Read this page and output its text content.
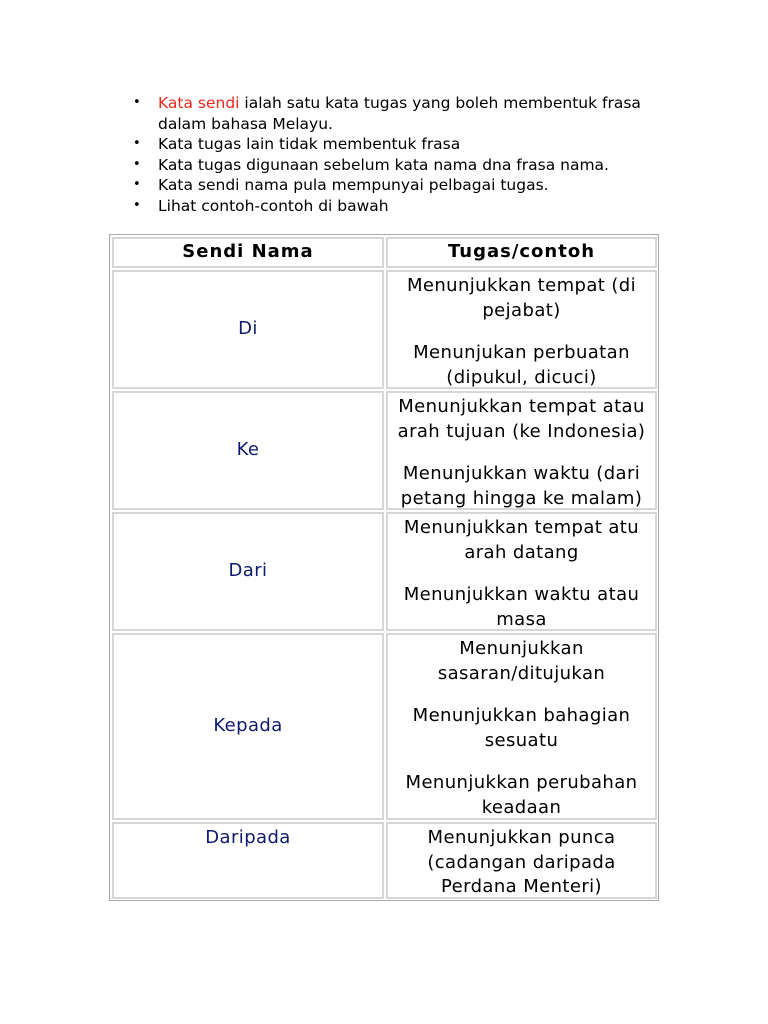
• Kata sendi ialah satu kata tugas yang boleh membentuk frasa dalam bahasa Melayu.
• Kata tugas lain tidak membentuk frasa
• Kata tugas digunaan sebelum kata nama dna frasa nama.
• Kata sendi nama pula mempunyai pelbagai tugas.
• Lihat contoh-contoh di bawah
Sendi Nama	Tugas/contoh
Di
Menunjukkan tempat (di pejabat)
Menunjukan perbuatan (dipukul, dicuci)
Ke
Menunjukkan tempat atau arah tujuan (ke Indonesia)
Menunjukkan waktu (dari petang hingga ke malam)
Dari
Menunjukkan tempat atu arah datang
Menunjukkan waktu atau masa
Kepada
Menunjukkan sasaran/ditujukan
Menunjukkan bahagian sesuatu
Menunjukkan perubahan keadaan
Daripada	Menunjukkan punca (cadangan daripada Perdana Menteri)
